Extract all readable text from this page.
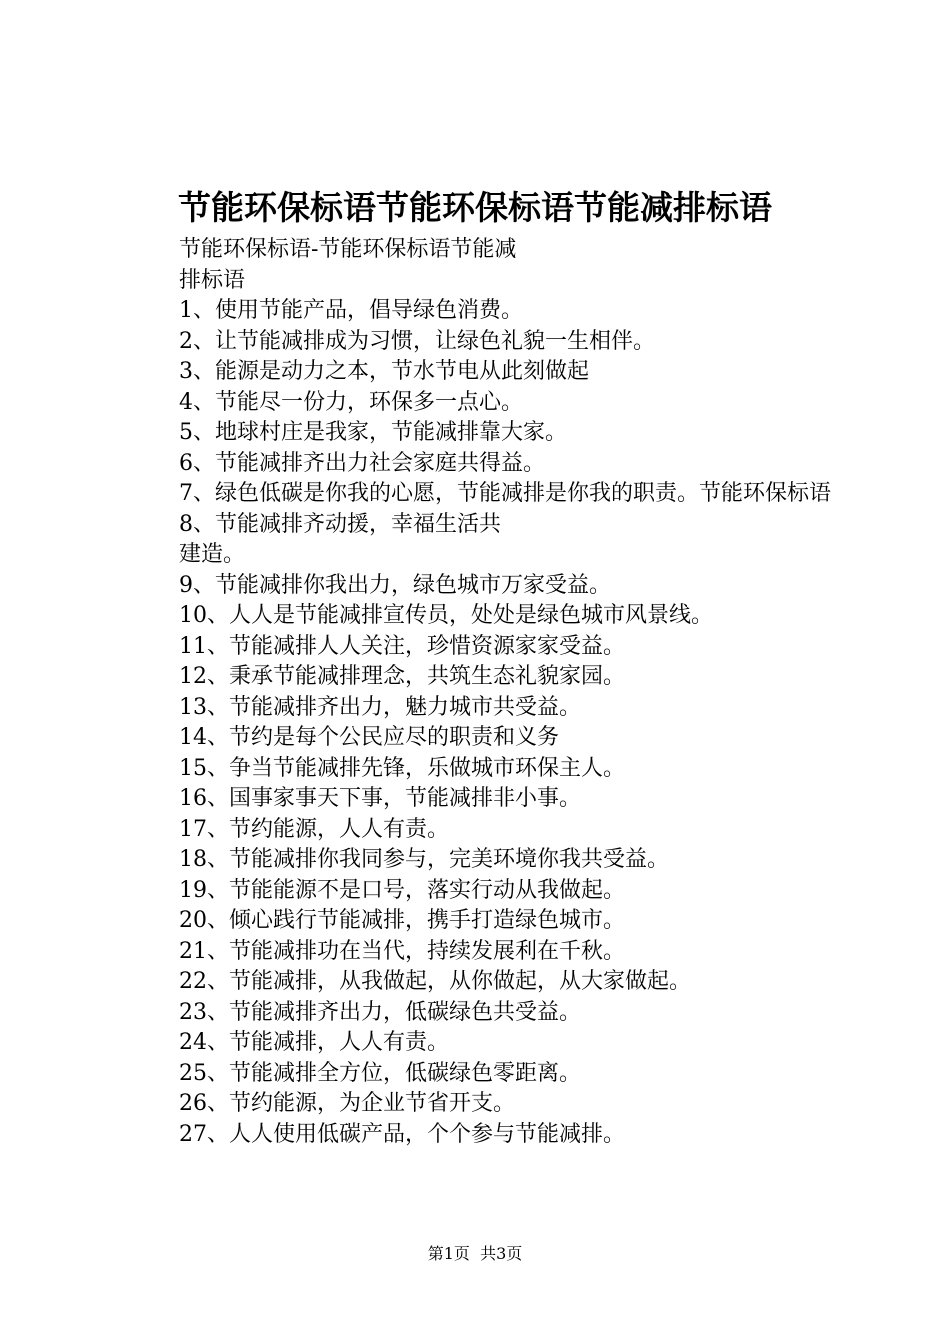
节能环保标语节能环保标语节能减排标语
节能环保标语-节能环保标语节能减
排标语
1、使用节能产品，倡导绿色消费。
2、让节能减排成为习惯，让绿色礼貌一生相伴。
3、能源是动力之本，节水节电从此刻做起
4、节能尽一份力，环保多一点心。
5、地球村庄是我家，节能减排靠大家。
6、节能减排齐出力社会家庭共得益。
7、绿色低碳是你我的心愿，节能减排是你我的职责。节能环保标语
8、节能减排齐动援，幸福生活共
建造。
9、节能减排你我出力，绿色城市万家受益。
10、人人是节能减排宣传员，处处是绿色城市风景线。
11、节能减排人人关注，珍惜资源家家受益。
12、秉承节能减排理念，共筑生态礼貌家园。
13、节能减排齐出力，魅力城市共受益。
14、节约是每个公民应尽的职责和义务
15、争当节能减排先锋，乐做城市环保主人。
16、国事家事天下事，节能减排非小事。
17、节约能源，人人有责。
18、节能减排你我同参与，完美环境你我共受益。
19、节能能源不是口号，落实行动从我做起。
20、倾心践行节能减排，携手打造绿色城市。
21、节能减排功在当代，持续发展利在千秋。
22、节能减排，从我做起，从你做起，从大家做起。
23、节能减排齐出力，低碳绿色共受益。
24、节能减排，人人有责。
25、节能减排全方位，低碳绿色零距离。
26、节约能源，为企业节省开支。
27、人人使用低碳产品，个个参与节能减排。
第1页  共3页
